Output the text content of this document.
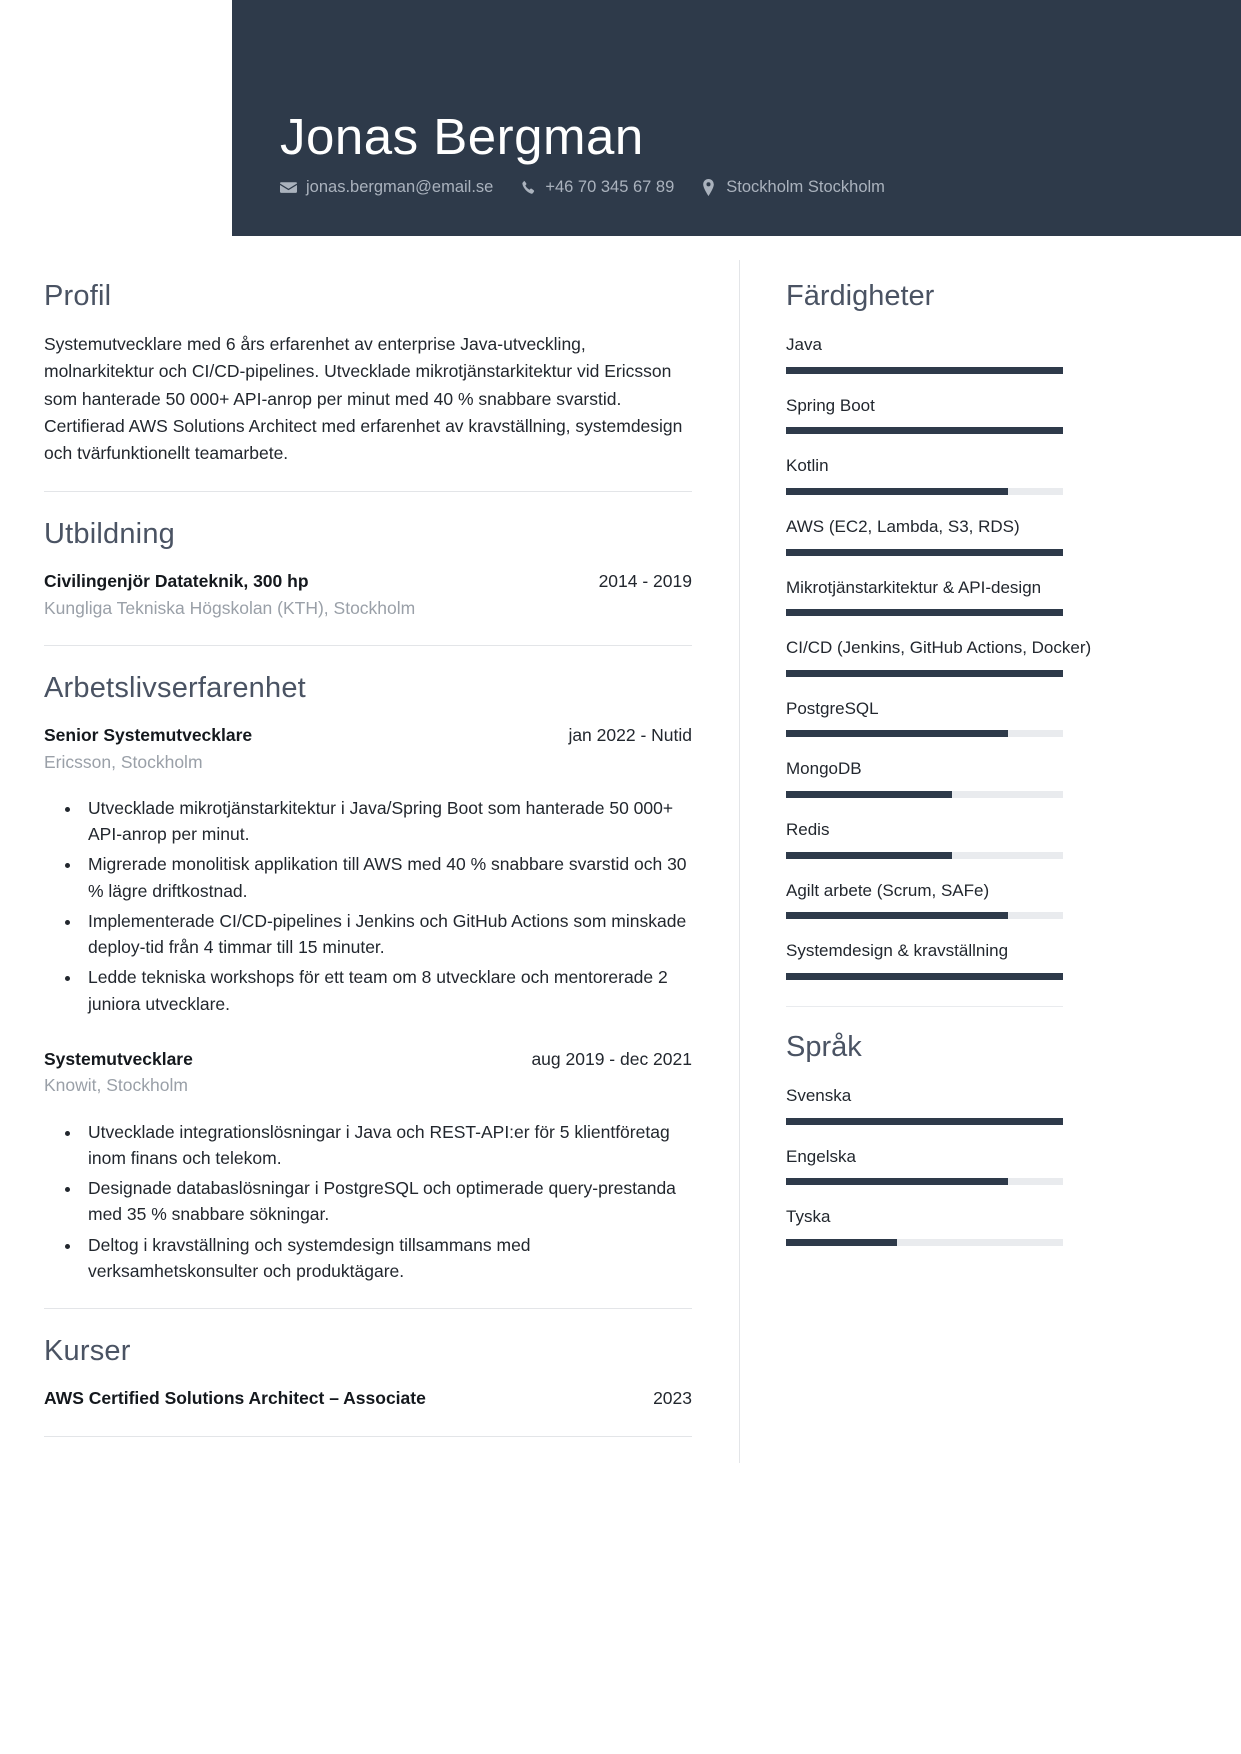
Jonas Bergman
jonas.bergman@email.se	+46 70 345 67 89	Stockholm Stockholm
Profil
Systemutvecklare med 6 års erfarenhet av enterprise Java-utveckling, molnarkitektur och CI/CD-pipelines. Utvecklade mikrotjänstarkitektur vid Ericsson som hanterade 50 000+ API-anrop per minut med 40 % snabbare svarstid. Certifierad AWS Solutions Architect med erfarenhet av kravställning, systemdesign och tvärfunktionellt teamarbete.
Utbildning
Civilingenjör Datateknik, 300 hp	2014 - 2019
Kungliga Tekniska Högskolan (KTH), Stockholm
Arbetslivserfarenhet
Senior Systemutvecklare	jan 2022 - Nutid
Ericsson, Stockholm
• Utvecklade mikrotjänstarkitektur i Java/Spring Boot som hanterade 50 000+ API-anrop per minut.
• Migrerade monolitisk applikation till AWS med 40 % snabbare svarstid och 30 % lägre driftkostnad.
• Implementerade CI/CD-pipelines i Jenkins och GitHub Actions som minskade deploy-tid från 4 timmar till 15 minuter.
• Ledde tekniska workshops för ett team om 8 utvecklare och mentorerade 2 juniora utvecklare.
Systemutvecklare	aug 2019 - dec 2021
Knowit, Stockholm
• Utvecklade integrationslösningar i Java och REST-API:er för 5 klientföretag inom finans och telekom.
• Designade databaslösningar i PostgreSQL och optimerade query-prestanda med 35 % snabbare sökningar.
• Deltog i kravställning och systemdesign tillsammans med verksamhetskonsulter och produktägare.
Kurser
AWS Certified Solutions Architect – Associate	2023
Färdigheter
Java
Spring Boot
Kotlin
AWS (EC2, Lambda, S3, RDS)
Mikrotjänstarkitektur & API-design
CI/CD (Jenkins, GitHub Actions, Docker)
PostgreSQL
MongoDB
Redis
Agilt arbete (Scrum, SAFe)
Systemdesign & kravställning
Språk
Svenska
Engelska
Tyska
